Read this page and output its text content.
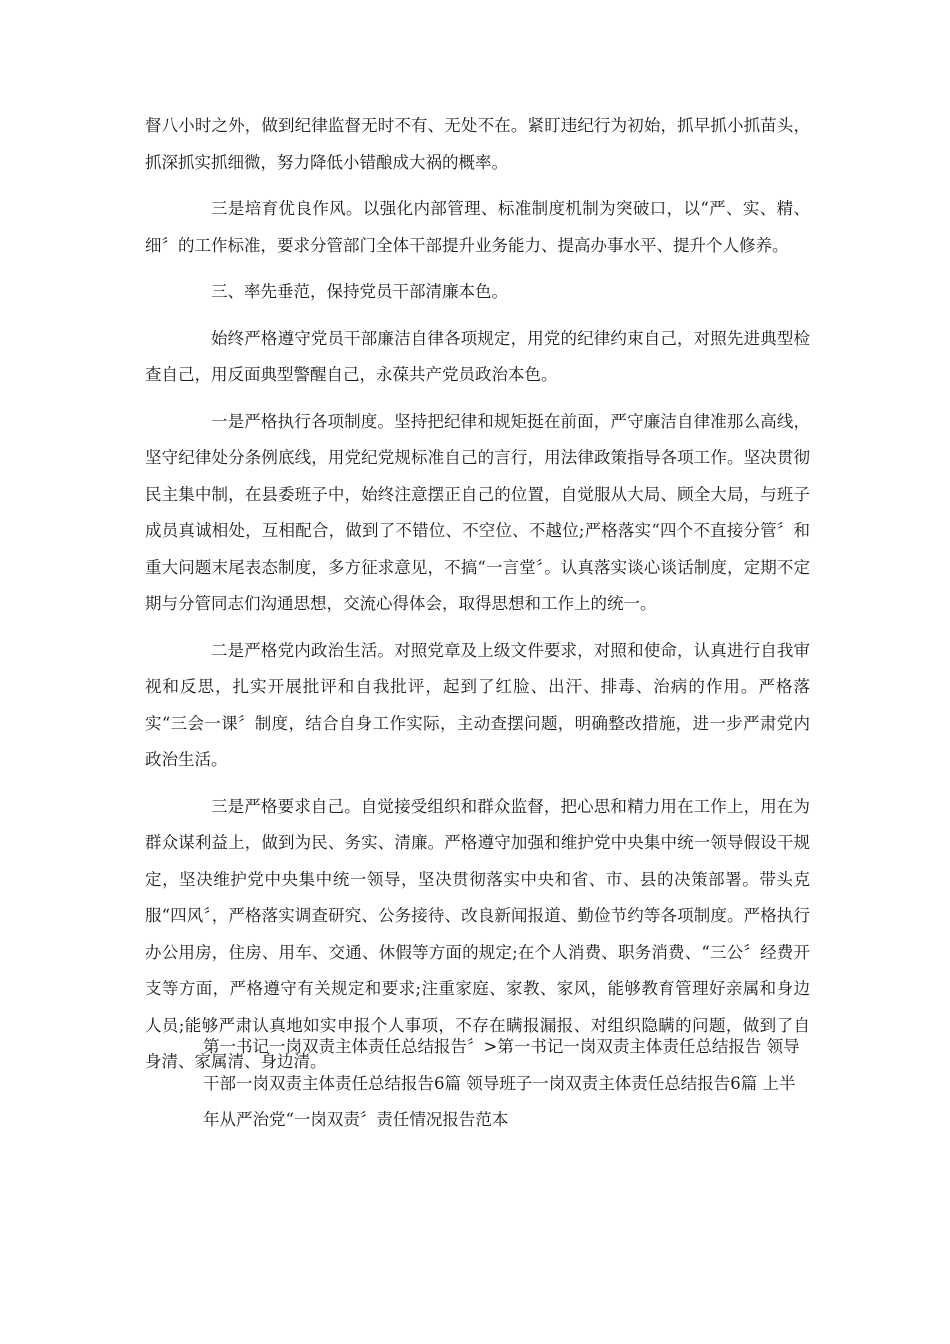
督八小时之外，做到纪律监督无时不有、无处不在。紧盯违纪行为初始，抓早抓小抓苗头，抓深抓实抓细微，努力降低小错酿成大祸的概率。

三是培育优良作风。以强化内部管理、标准制度机制为突破口，以“严、实、精、细〞的工作标准，要求分管部门全体干部提升业务能力、提高办事水平、提升个人修养。

三、率先垂范，保持党员干部清廉本色。

始终严格遵守党员干部廉洁自律各项规定，用党的纪律约束自己，对照先进典型检查自己，用反面典型警醒自己，永葆共产党员政治本色。

一是严格执行各项制度。坚持把纪律和规矩挺在前面，严守廉洁自律准那么高线，坚守纪律处分条例底线，用党纪党规标准自己的言行，用法律政策指导各项工作。坚决贯彻民主集中制，在县委班子中，始终注意摆正自己的位置，自觉服从大局、顾全大局，与班子成员真诚相处，互相配合，做到了不错位、不空位、不越位;严格落实“四个不直接分管〞和重大问题末尾表态制度，多方征求意见，不搞“一言堂〞。认真落实谈心谈话制度，定期不定期与分管同志们沟通思想，交流心得体会，取得思想和工作上的统一。

二是严格党内政治生活。对照党章及上级文件要求，对照和使命，认真进行自我审视和反思，扎实开展批评和自我批评，起到了红脸、出汗、排毒、治病的作用。严格落实“三会一课〞制度，结合自身工作实际，主动查摆问题，明确整改措施，进一步严肃党内政治生活。

三是严格要求自己。自觉接受组织和群众监督，把心思和精力用在工作上，用在为群众谋利益上，做到为民、务实、清廉。严格遵守加强和维护党中央集中统一领导假设干规定，坚决维护党中央集中统一领导，坚决贯彻落实中央和省、市、县的决策部署。带头克服“四风〞，严格落实调查研究、公务接待、改良新闻报道、勤俭节约等各项制度。严格执行办公用房，住房、用车、交通、休假等方面的规定;在个人消费、职务消费、“三公〞经费开支等方面，严格遵守有关规定和要求;注重家庭、家教、家风，能够教育管理好亲属和身边人员;能够严肃认真地如实申报个人事项，不存在瞒报漏报、对组织隐瞒的问题，做到了自身清、家属清、身边清。

第一书记一岗双责主体责任总结报告〞>第一书记一岗双责主体责任总结报告 领导干部一岗双责主体责任总结报告6篇 领导班子一岗双责主体责任总结报告6篇 上半年从严治党“一岗双责〞责任情况报告范本
